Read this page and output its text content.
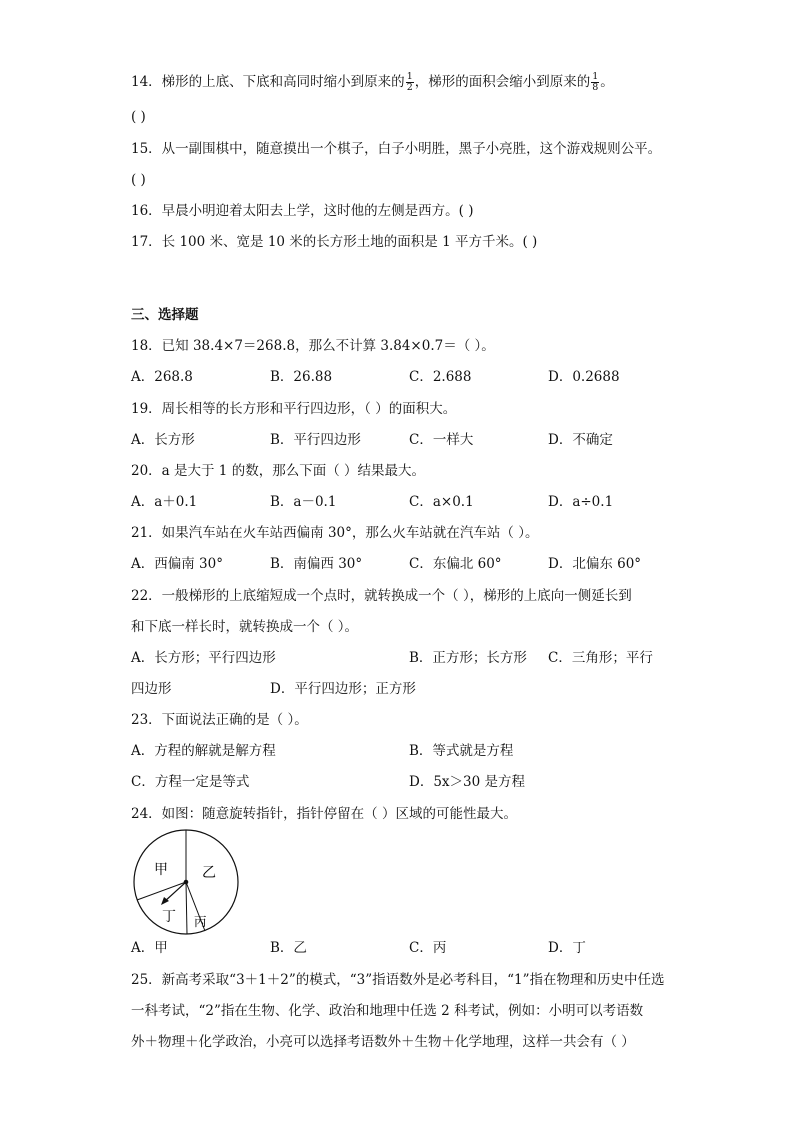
14．梯形的上底、下底和高同时缩小到原来的 $\frac{1}{2}$ ，梯形的面积会缩小到原来的 $\frac{1}{8}$ 。
( )
15．从一副围棋中，随意摸出一个棋子，白子小明胜，黑子小亮胜，这个游戏规则公平。
( )
16．早晨小明迎着太阳去上学，这时他的左侧是西方。( )
17．长 100 米、宽是 10 米的长方形土地的面积是 1 平方千米。( )
三、选择题
18．已知 38.4×7＝268.8，那么不计算 3.84×0.7＝（ ）。
A．268.8	B．26.88	C．2.688	D．0.2688
19．周长相等的长方形和平行四边形，（ ）的面积大。
A．长方形	B．平行四边形	C．一样大	D．不确定
20．a 是大于 1 的数，那么下面（ ）结果最大。
A．a＋0.1	B．a－0.1	C．a×0.1	D．a÷0.1
21．如果汽车站在火车站西偏南 30°，那么火车站就在汽车站（ ）。
A．西偏南 30°	B．南偏西 30°	C．东偏北 60°	D．北偏东 60°
22．一般梯形的上底缩短成一个点时，就转换成一个（ ），梯形的上底向一侧延长到
和下底一样长时，就转换成一个（ ）。
A．长方形；平行四边形	B．正方形；长方形 C．三角形；平行
四边形	D．平行四边形；正方形
23．下面说法正确的是（ ）。
A．方程的解就是解方程	B．等式就是方程
C．方程一定是等式	D．5x＞30 是方程
24．如图：随意旋转指针，指针停留在（ ）区域的可能性最大。
甲 乙
丁 丙
A．甲	B．乙	C．丙	D．丁
25．新高考采取“3＋1＋2”的模式，“3”指语数外是必考科目，“1”指在物理和历史中任选
一科考试，“2”指在生物、化学、政治和地理中任选 2 科考试，例如：小明可以考语数
外＋物理＋化学政治，小亮可以选择考语数外＋生物＋化学地理，这样一共会有（ ）
